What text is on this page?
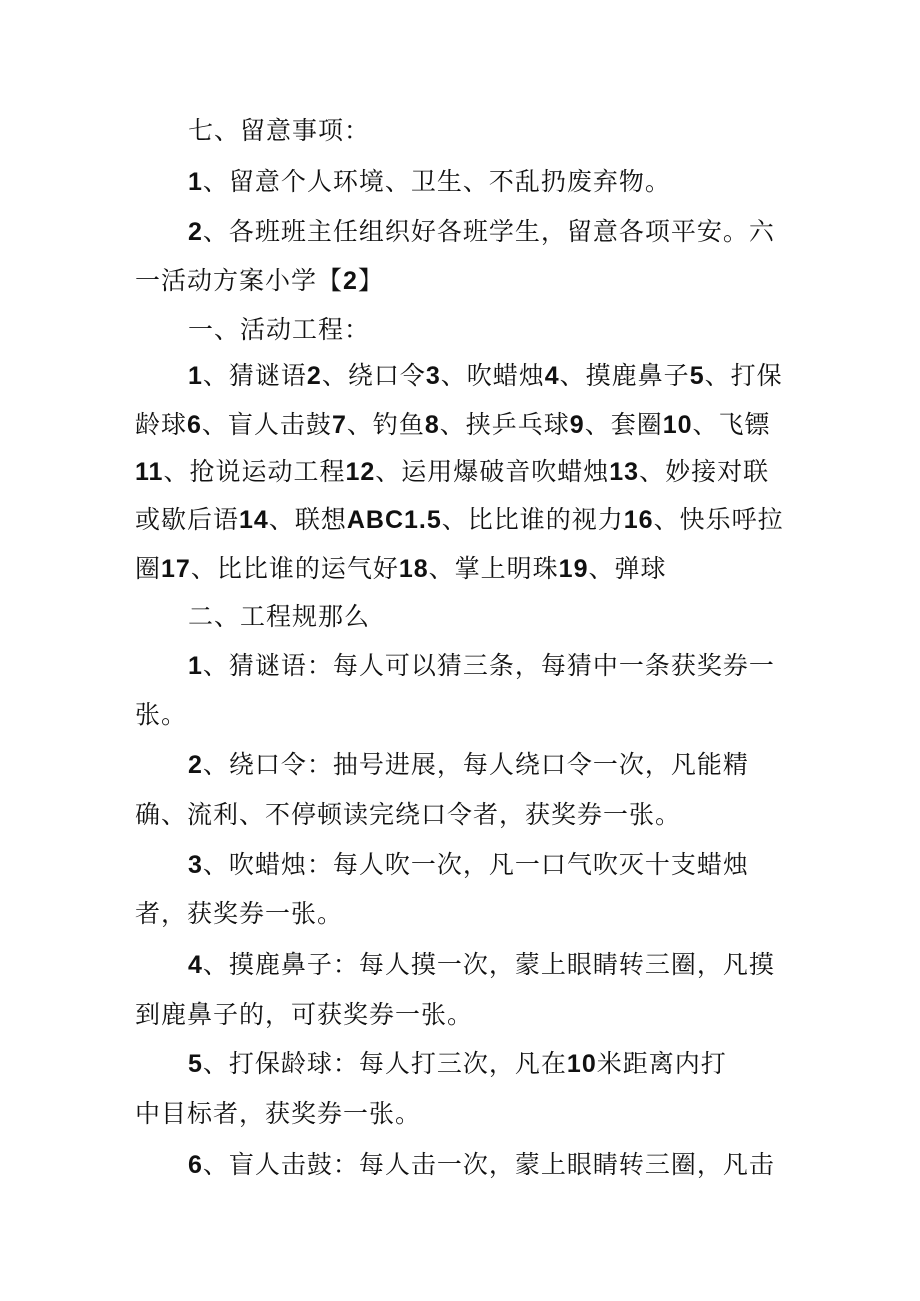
七、留意事项：
1、留意个人环境、卫生、不乱扔废弃物。
2、各班班主任组织好各班学生，留意各项平安。六
一活动方案小学【2】
一、活动工程：
1、猜谜语2、绕口令3、吹蜡烛4、摸鹿鼻子5、打保
龄球6、盲人击鼓7、钓鱼8、挟乒乓球9、套圈10、飞镖
11、抢说运动工程12、运用爆破音吹蜡烛13、妙接对联
或歇后语14、联想ABC1.5、比比谁的视力16、快乐呼拉
圈17、比比谁的运气好18、掌上明珠19、弹球
二、工程规那么
1、猜谜语：每人可以猜三条，每猜中一条获奖券一
张。
2、绕口令：抽号进展，每人绕口令一次，凡能精
确、流利、不停顿读完绕口令者，获奖券一张。
3、吹蜡烛：每人吹一次，凡一口气吹灭十支蜡烛
者，获奖券一张。
4、摸鹿鼻子：每人摸一次，蒙上眼睛转三圈，凡摸
到鹿鼻子的，可获奖券一张。
5、打保龄球：每人打三次，凡在10米距离内打
中目标者，获奖券一张。
6、盲人击鼓：每人击一次，蒙上眼睛转三圈，凡击
